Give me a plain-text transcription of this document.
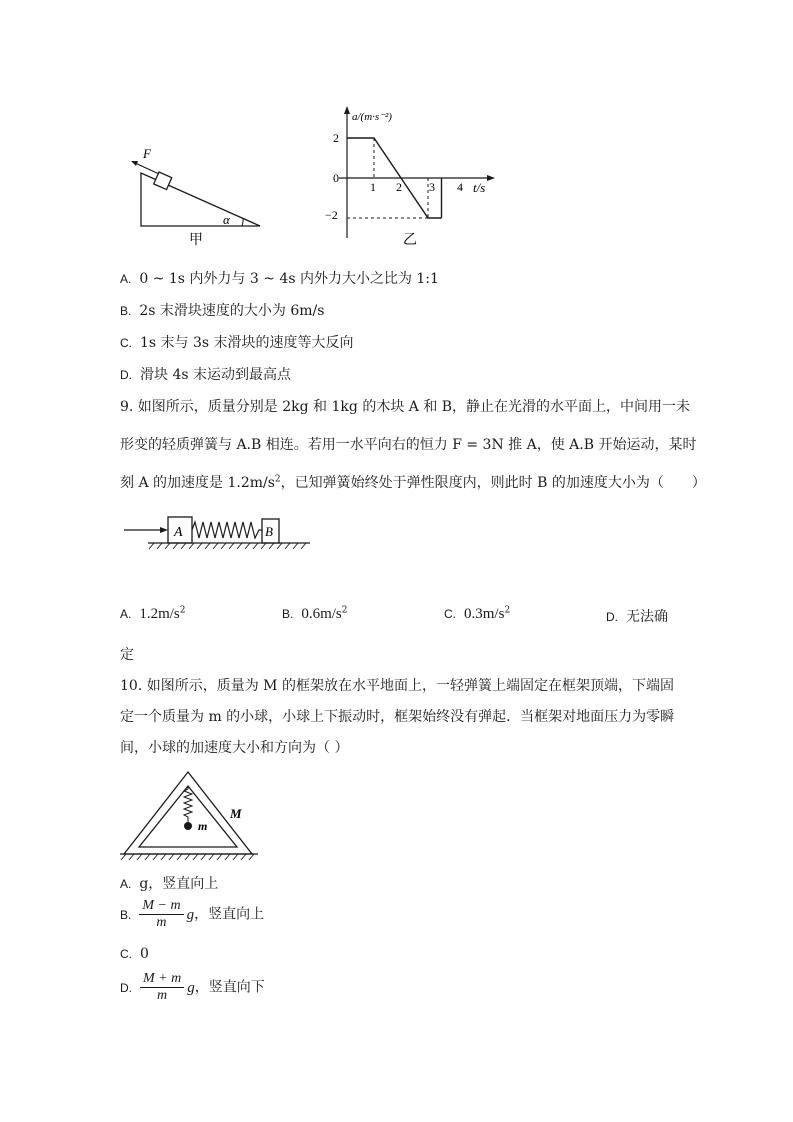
F
α
甲
a/(m·s⁻²)
t/s
2
0
−2
1 2 3 4
乙
A. 0 ~ 1s 内外力与 3 ~ 4s 内外力大小之比为 1:1
B. 2s 末滑块速度的大小为 6m/s
C. 1s 末与 3s 末滑块的速度等大反向
D. 滑块 4s 末运动到最高点
9. 如图所示，质量分别是 2kg 和 1kg 的木块 A 和 B，静止在光滑的水平面上，中间用一未
形变的轻质弹簧与 A.B 相连。若用一水平向右的恒力 F = 3N 推 A，使 A.B 开始运动，某时
刻 A 的加速度是 $1.2m/s^2$，已知弹簧始终处于弹性限度内，则此时 B 的加速度大小为（　　）
A	B
A. $1.2m/s^2$	B. $0.6m/s^2$	C. $0.3m/s^2$	D. 无法确
定
10. 如图所示，质量为 M 的框架放在水平地面上，一轻弹簧上端固定在框架顶端，下端固
定一个质量为 m 的小球，小球上下振动时，框架始终没有弹起．当框架对地面压力为零瞬
间，小球的加速度大小和方向为（ ）
m
M
A. g，竖直向上
B. $\frac{M - m}{m}$ g，竖直向上
C. 0
D. $\frac{M + m}{m}$ g，竖直向下
